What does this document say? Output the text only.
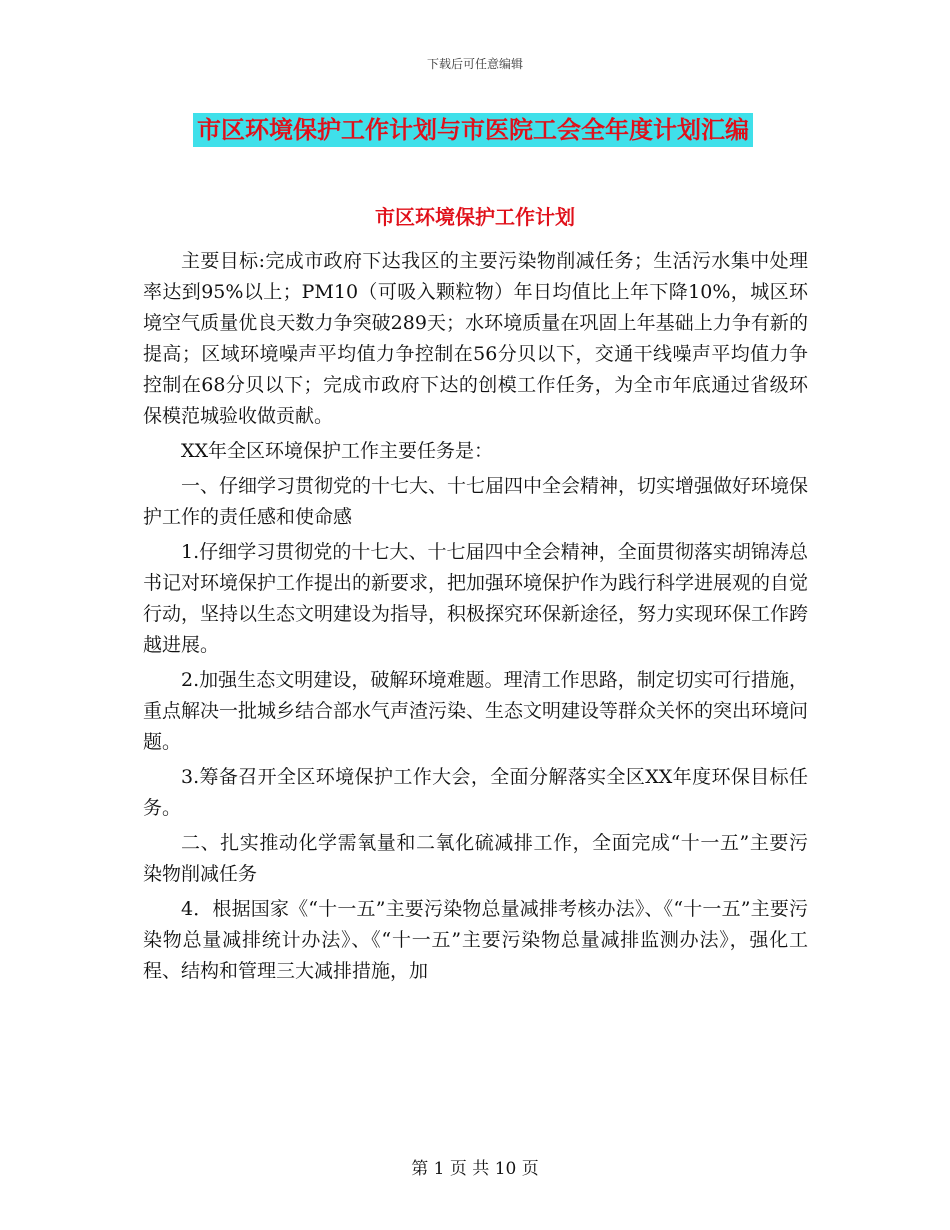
下载后可任意编辑
市区环境保护工作计划与市医院工会全年度计划汇编
市区环境保护工作计划

主要目标:完成市政府下达我区的主要污染物削减任务；生活污水集中处理率达到95%以上；PM10（可吸入颗粒物）年日均值比上年下降10%，城区环境空气质量优良天数力争突破289天；水环境质量在巩固上年基础上力争有新的提高；区域环境噪声平均值力争控制在56分贝以下，交通干线噪声平均值力争控制在68分贝以下；完成市政府下达的创模工作任务，为全市年底通过省级环保模范城验收做贡献。

XX年全区环境保护工作主要任务是：

一、仔细学习贯彻党的十七大、十七届四中全会精神，切实增强做好环境保护工作的责任感和使命感

1.仔细学习贯彻党的十七大、十七届四中全会精神，全面贯彻落实胡锦涛总书记对环境保护工作提出的新要求，把加强环境保护作为践行科学进展观的自觉行动，坚持以生态文明建设为指导，积极探究环保新途径，努力实现环保工作跨越进展。

2.加强生态文明建设，破解环境难题。理清工作思路，制定切实可行措施，重点解决一批城乡结合部水气声渣污染、生态文明建设等群众关怀的突出环境问题。

3.筹备召开全区环境保护工作大会，全面分解落实全区XX年度环保目标任务。

二、扎实推动化学需氧量和二氧化硫减排工作，全面完成“十一五”主要污染物削减任务

4．根据国家《“十一五”主要污染物总量减排考核办法》、《“十一五”主要污染物总量减排统计办法》、《“十一五”主要污染物总量减排监测办法》，强化工程、结构和管理三大减排措施，加

第 1 页 共 10 页
